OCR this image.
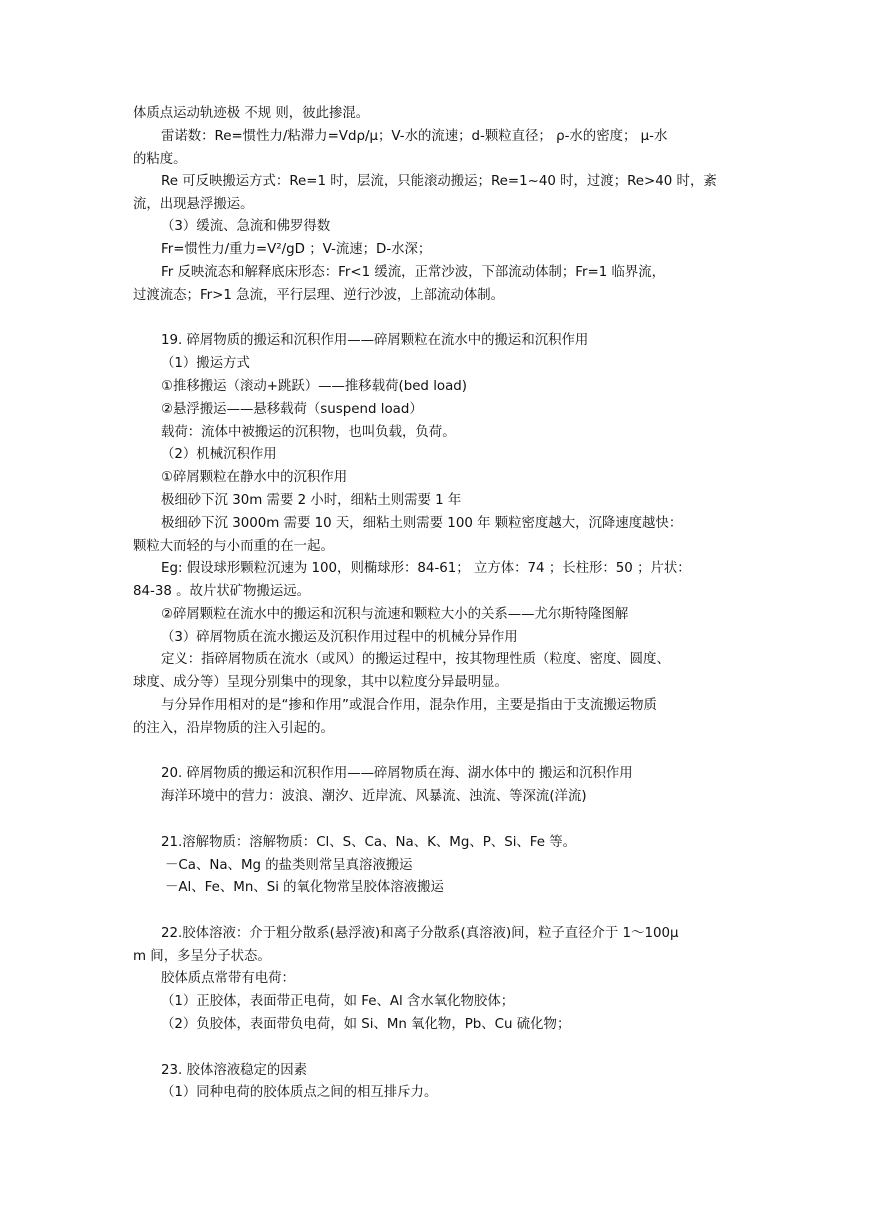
体质点运动轨迹极 不规 则，彼此掺混。
雷诺数：Re=惯性力/粘滞力=Vdρ/μ；V-水的流速；d-颗粒直径； ρ-水的密度； μ-水
的粘度。
Re 可反映搬运方式：Re=1 时，层流，只能滚动搬运；Re=1~40 时，过渡；Re>40 时，紊
流，出现悬浮搬运。
（3）缓流、急流和佛罗得数
Fr=惯性力/重力=V²/gD ；V-流速；D-水深；
Fr 反映流态和解释底床形态：Fr<1 缓流，正常沙波，下部流动体制；Fr=1 临界流，
过渡流态；Fr>1 急流，平行层理、逆行沙波，上部流动体制。
19. 碎屑物质的搬运和沉积作用——碎屑颗粒在流水中的搬运和沉积作用
（1）搬运方式
①推移搬运（滚动+跳跃）——推移载荷(bed load)
②悬浮搬运——悬移载荷（suspend load）
载荷：流体中被搬运的沉积物，也叫负载，负荷。
（2）机械沉积作用
①碎屑颗粒在静水中的沉积作用
极细砂下沉 30m 需要 2 小时，细粘土则需要 1 年
极细砂下沉 3000m 需要 10 天，细粘土则需要 100 年 颗粒密度越大，沉降速度越快：
颗粒大而轻的与小而重的在一起。
Eg: 假设球形颗粒沉速为 100，则椭球形：84-61； 立方体：74 ；长柱形：50 ；片状：
84-38 。故片状矿物搬运远。
②碎屑颗粒在流水中的搬运和沉积与流速和颗粒大小的关系——尤尔斯特隆图解
（3）碎屑物质在流水搬运及沉积作用过程中的机械分异作用
定义：指碎屑物质在流水（或风）的搬运过程中，按其物理性质（粒度、密度、圆度、
球度、成分等）呈现分别集中的现象，其中以粒度分异最明显。
与分异作用相对的是“掺和作用”或混合作用，混杂作用，主要是指由于支流搬运物质
的注入，沿岸物质的注入引起的。
20. 碎屑物质的搬运和沉积作用——碎屑物质在海、湖水体中的 搬运和沉积作用
海洋环境中的营力：波浪、潮汐、近岸流、风暴流、浊流、等深流(洋流)
21.溶解物质：溶解物质：Cl、S、Ca、Na、K、Mg、P、Si、Fe 等。
－Ca、Na、Mg 的盐类则常呈真溶液搬运
－Al、Fe、Mn、Si 的氧化物常呈胶体溶液搬运
22.胶体溶液：介于粗分散系(悬浮液)和离子分散系(真溶液)间，粒子直径介于 1～100μ
m 间，多呈分子状态。
胶体质点常带有电荷：
（1）正胶体，表面带正电荷，如 Fe、Al 含水氧化物胶体；
（2）负胶体，表面带负电荷，如 Si、Mn 氧化物，Pb、Cu 硫化物；
23. 胶体溶液稳定的因素
（1）同种电荷的胶体质点之间的相互排斥力。
